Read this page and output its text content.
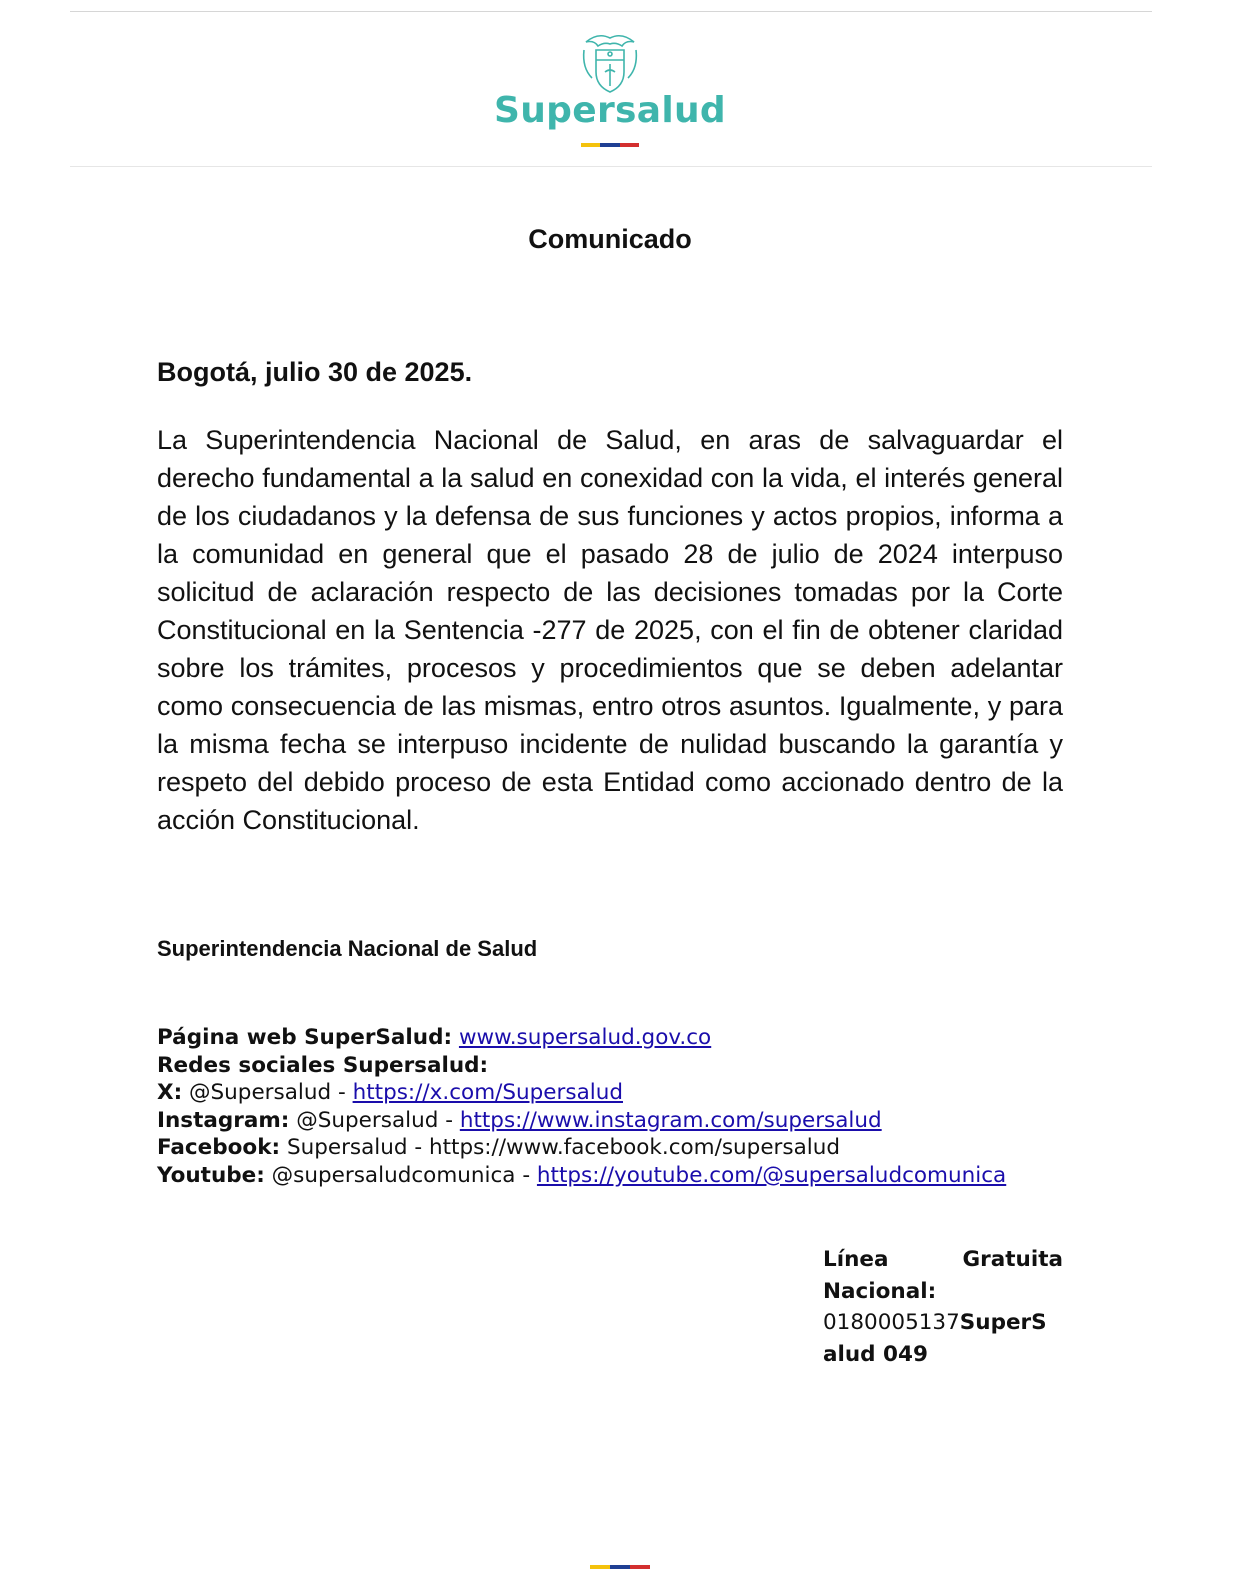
Supersalud
Comunicado
Bogotá, julio 30 de 2025.

La Superintendencia Nacional de Salud, en aras de salvaguardar el derecho fundamental a la salud en conexidad con la vida, el interés general de los ciudadanos y la defensa de sus funciones y actos propios, informa a la comunidad en general que el pasado 28 de julio de 2024 interpuso solicitud de aclaración respecto de las decisiones tomadas por la Corte Constitucional en la Sentencia -277 de 2025, con el fin de obtener claridad sobre los trámites, procesos y procedimientos que se deben adelantar como consecuencia de las mismas, entro otros asuntos. Igualmente, y para la misma fecha se interpuso incidente de nulidad buscando la garantía y respeto del debido proceso de esta Entidad como accionado dentro de la acción Constitucional.

Superintendencia Nacional de Salud
Página web SuperSalud: www.supersalud.gov.co
Redes sociales Supersalud:
X: @Supersalud - https://x.com/Supersalud
Instagram: @Supersalud - https://www.instagram.com/supersalud
Facebook: Supersalud - https://www.facebook.com/supersalud
Youtube: @supersaludcomunica - https://youtube.com/@supersaludcomunica
Línea	Gratuita
Nacional:
0180005137SuperS
alud 049
